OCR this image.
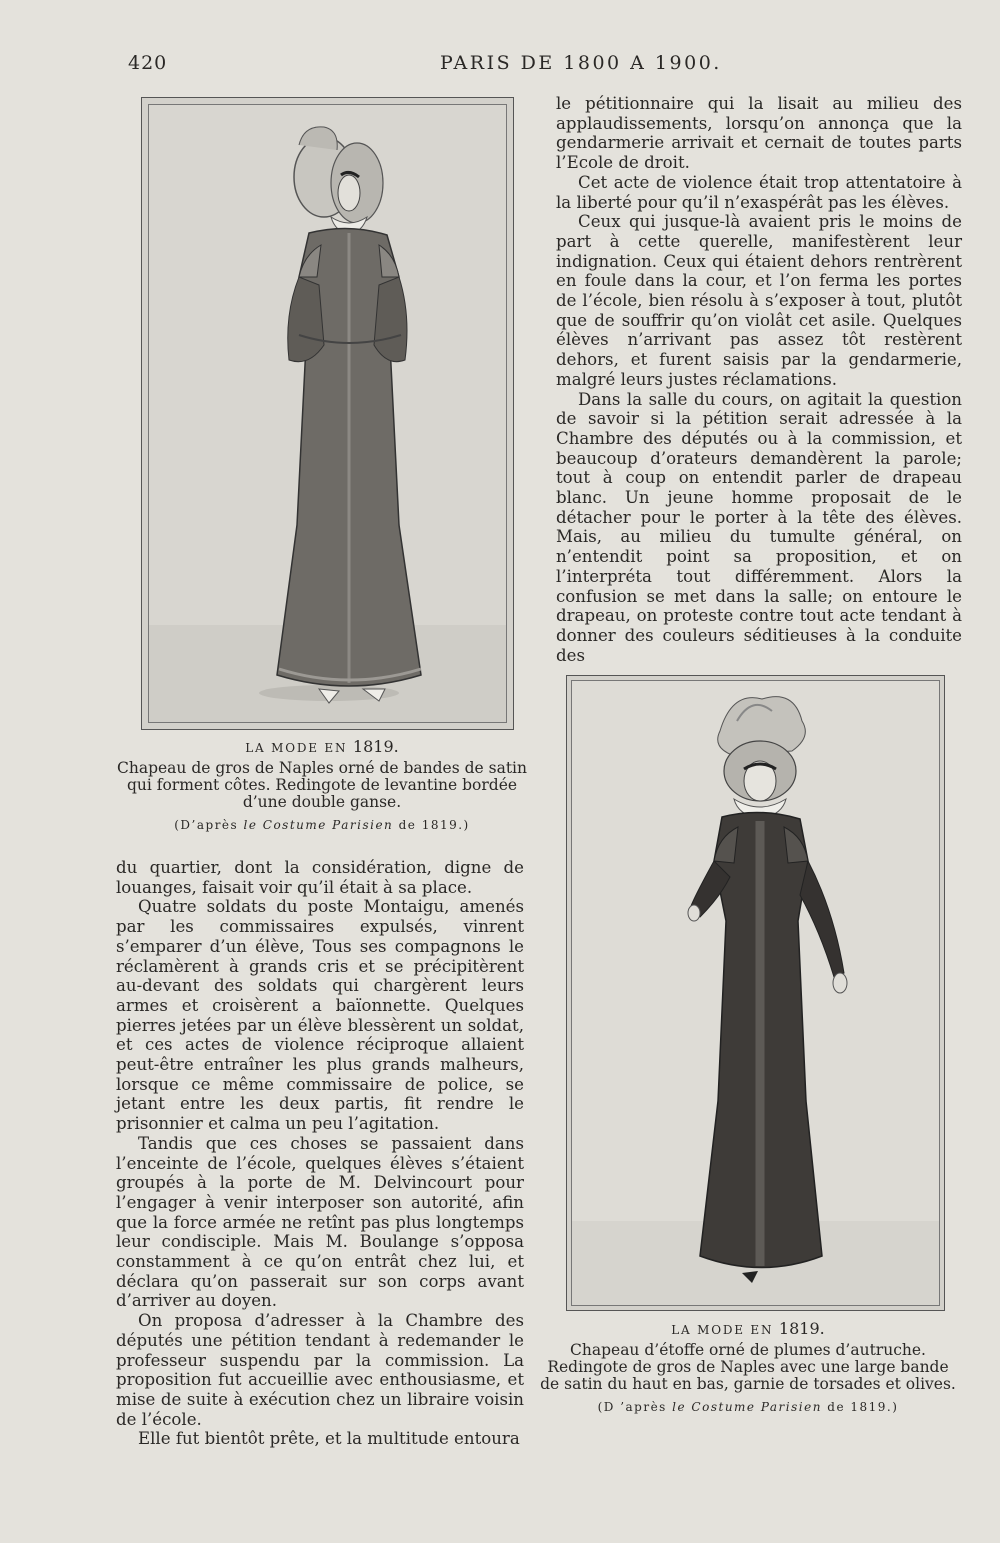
420	PARIS DE 1800 A 1900.
LA MODE EN 1819.
Chapeau de gros de Naples orné de bandes de satin qui forment côtes. Redingote de levantine bordée d’une double ganse.
(D’après le Costume Parisien de 1819.)

le pétitionnaire qui la lisait au milieu des applaudissements, lorsqu’on annonça que la gendarmerie arrivait et cernait de toutes parts l’Ecole de droit.

Cet acte de violence était trop attentatoire à la liberté pour qu’il n’exaspérât pas les élèves.

Ceux qui jusque-là avaient pris le moins de part à cette querelle, manifestèrent leur indignation. Ceux qui étaient dehors rentrèrent en foule dans la cour, et l’on ferma les portes de l’école, bien résolu à s’exposer à tout, plutôt que de souffrir qu’on violât cet asile. Quelques élèves n’arrivant pas assez tôt restèrent dehors, et furent saisis par la gendarmerie, malgré leurs justes réclamations.

Dans la salle du cours, on agitait la question de savoir si la pétition serait adressée à la Chambre des députés ou à la commission, et beaucoup d’orateurs demandèrent la parole; tout à coup on entendit parler de drapeau blanc. Un jeune homme proposait de le détacher pour le porter à la tête des élèves. Mais, au milieu du tumulte général, on n’entendit point sa proposition, et on l’interpréta tout différemment. Alors la confusion se met dans la salle; on entoure le drapeau, on proteste contre tout acte tendant à donner des couleurs séditieuses à la conduite des

du quartier, dont la considération, digne de louanges, faisait voir qu’il était à sa place.

Quatre soldats du poste Montaigu, amenés par les commissaires expulsés, vinrent s’emparer d’un élève, Tous ses compagnons le réclamèrent à grands cris et se précipitèrent au-devant des soldats qui chargèrent leurs armes et croisèrent a baïonnette. Quelques pierres jetées par un élève blessèrent un soldat, et ces actes de violence réciproque allaient peut-être entraîner les plus grands malheurs, lorsque ce même commissaire de police, se jetant entre les deux partis, fit rendre le prisonnier et calma un peu l’agitation.

Tandis que ces choses se passaient dans l’enceinte de l’école, quelques élèves s’étaient groupés à la porte de M. Delvincourt pour l’engager à venir interposer son autorité, afin que la force armée ne retînt pas plus longtemps leur condisciple. Mais M. Boulange s’opposa constamment à ce qu’on entrât chez lui, et déclara qu’on passerait sur son corps avant d’arriver au doyen.

On proposa d’adresser à la Chambre des députés une pétition tendant à redemander le professeur suspendu par la commission. La proposition fut accueillie avec enthousiasme, et mise de suite à exécution chez un libraire voisin de l’école.

Elle fut bientôt prête, et la multitude entoura

LA MODE EN 1819.
Chapeau d’étoffe orné de plumes d’autruche. Redingote de gros de Naples avec une large bande de satin du haut en bas, garnie de torsades et olives.
(D ’après le Costume Parisien de 1819.)
